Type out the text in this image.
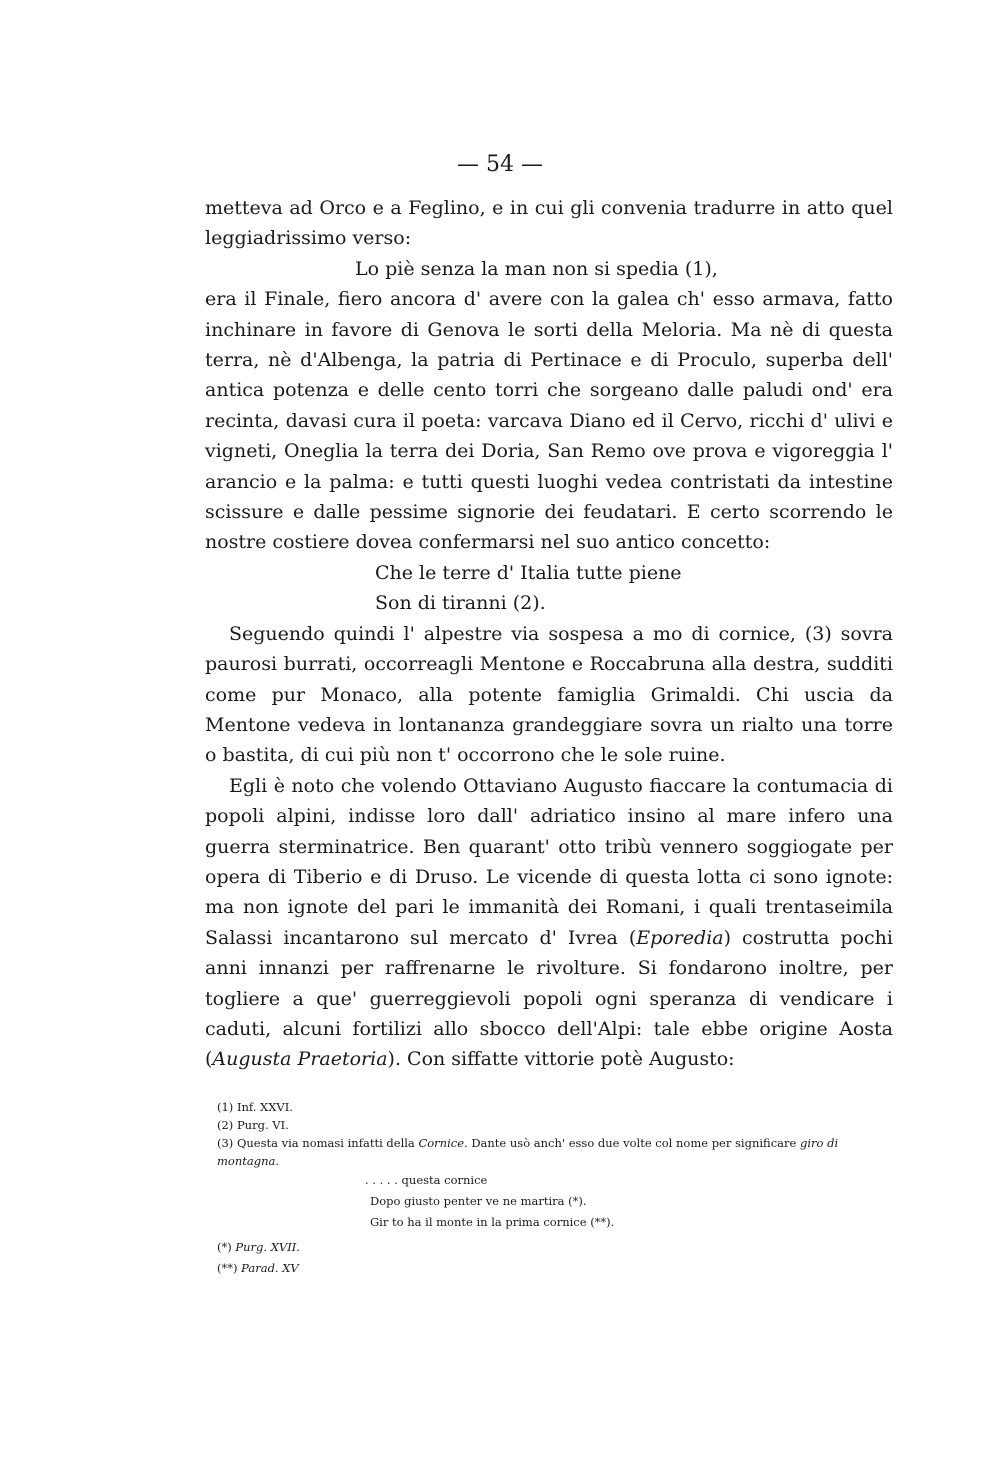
— 54 —

metteva ad Orco e a Feglino, e in cui gli convenia tradurre in atto quel leggiadrissimo verso:

Lo piè senza la man non si spedia (1),

era il Finale, fiero ancora d' avere con la galea ch' esso armava, fatto inchinare in favore di Genova le sorti della Meloria. Ma nè di questa terra, nè d'Albenga, la patria di Pertinace e di Proculo, superba dell' antica potenza e delle cento torri che sorgeano dalle paludi ond' era recinta, davasi cura il poeta: varcava Diano ed il Cervo, ricchi d' ulivi e vigneti, Oneglia la terra dei Doria, San Remo ove prova e vigoreggia l' arancio e la palma: e tutti questi luoghi vedea contristati da intestine scissure e dalle pessime signorie dei feudatari. E certo scorrendo le nostre costiere dovea confermarsi nel suo antico concetto:

Che le terre d' Italia tutte piene

Son di tiranni (2).

Seguendo quindi l' alpestre via sospesa a mo di cornice, (3) sovra paurosi burrati, occorreagli Mentone e Roccabruna alla destra, sudditi come pur Monaco, alla potente famiglia Grimaldi. Chi uscia da Mentone vedeva in lontananza grandeggiare sovra un rialto una torre o bastita, di cui più non t' occorrono che le sole ruine.

Egli è noto che volendo Ottaviano Augusto fiaccare la contumacia di popoli alpini, indisse loro dall' adriatico insino al mare infero una guerra sterminatrice. Ben quarant' otto tribù vennero soggiogate per opera di Tiberio e di Druso. Le vicende di questa lotta ci sono ignote: ma non ignote del pari le immanità dei Romani, i quali trentaseimila Salassi incantarono sul mercato d' Ivrea (Eporedia) costrutta pochi anni innanzi per raffrenarne le rivolture. Si fondarono inoltre, per togliere a que' guerreggievoli popoli ogni speranza di vendicare i caduti, alcuni fortilizi allo sbocco dell'Alpi: tale ebbe origine Aosta (Augusta Praetoria). Con siffatte vittorie potè Augusto:

(1) Inf. XXVI.

(2) Purg. VI.

(3) Questa via nomasi infatti della Cornice. Dante usò anch' esso due volte col nome per significare giro di montagna.

. . . . . questa cornice

Dopo giusto penter ve ne martira (*).

Gir to ha il monte in la prima cornice (**).

(*) Purg. XVII.

(**) Parad. XV
